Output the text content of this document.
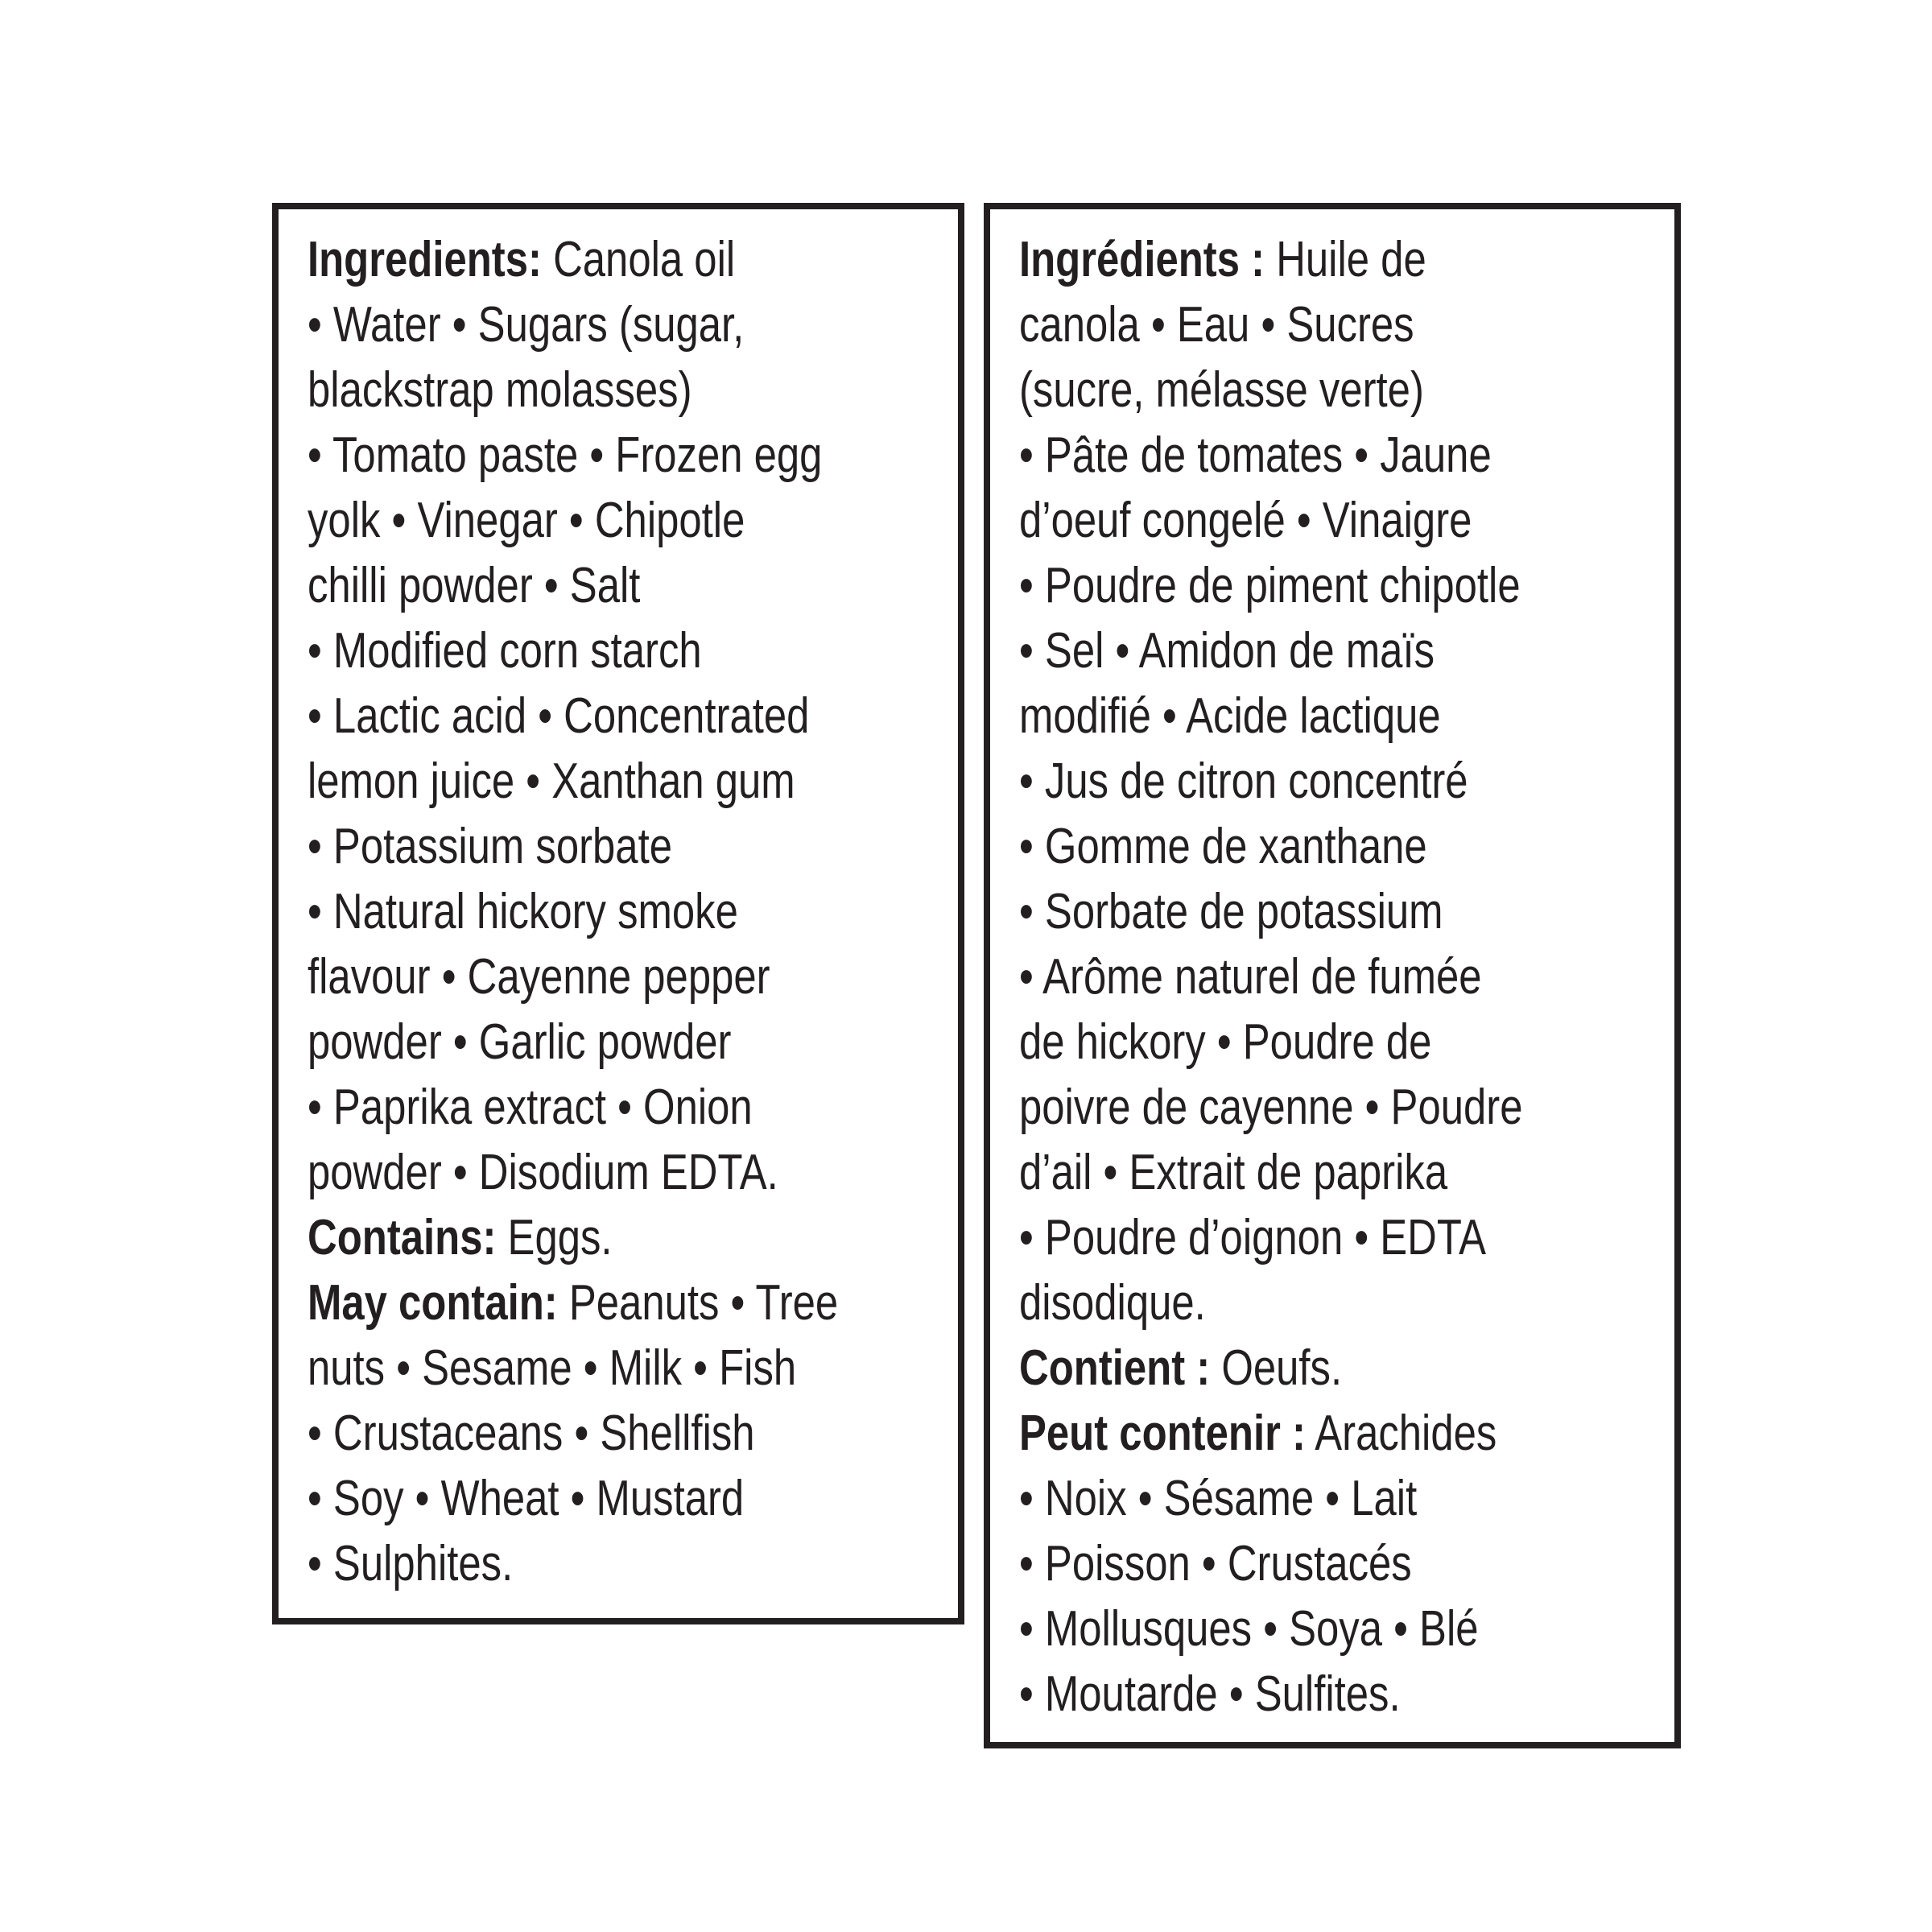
Ingredients: Canola oil
• Water • Sugars (sugar,
blackstrap molasses)
• Tomato paste • Frozen egg
yolk • Vinegar • Chipotle
chilli powder • Salt
• Modified corn starch
• Lactic acid • Concentrated
lemon juice • Xanthan gum
• Potassium sorbate
• Natural hickory smoke
flavour • Cayenne pepper
powder • Garlic powder
• Paprika extract • Onion
powder • Disodium EDTA.
Contains: Eggs.
May contain: Peanuts • Tree
nuts • Sesame • Milk • Fish
• Crustaceans • Shellfish
• Soy • Wheat • Mustard
• Sulphites.
Ingrédients : Huile de
canola • Eau • Sucres
(sucre, mélasse verte)
• Pâte de tomates • Jaune
d’oeuf congelé • Vinaigre
• Poudre de piment chipotle
• Sel • Amidon de maïs
modifié • Acide lactique
• Jus de citron concentré
• Gomme de xanthane
• Sorbate de potassium
• Arôme naturel de fumée
de hickory • Poudre de
poivre de cayenne • Poudre
d’ail • Extrait de paprika
• Poudre d’oignon • EDTA
disodique.
Contient : Oeufs.
Peut contenir : Arachides
• Noix • Sésame • Lait
• Poisson • Crustacés
• Mollusques • Soya • Blé
• Moutarde • Sulfites.
